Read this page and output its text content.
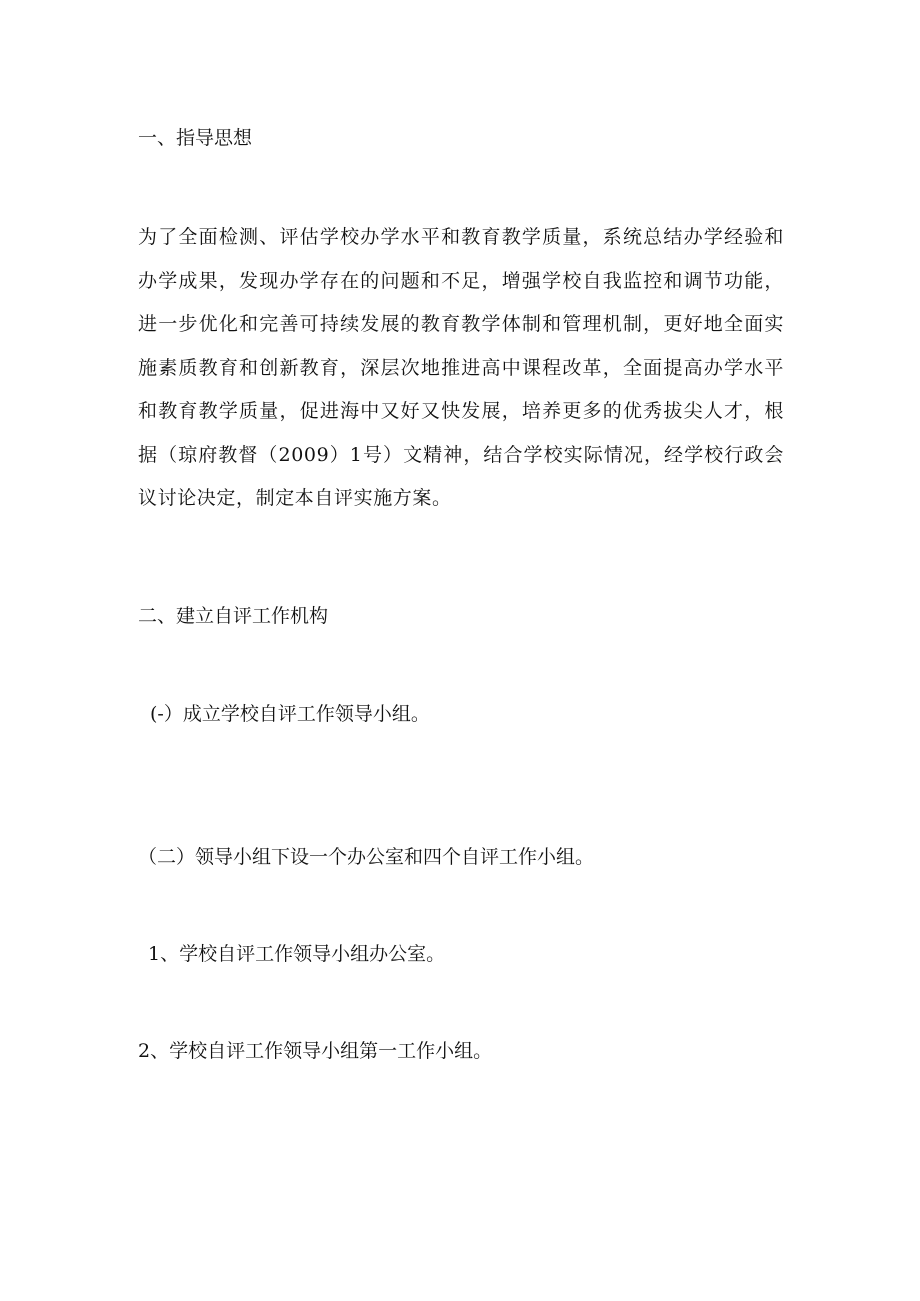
一、指导思想

为了全面检测、评估学校办学水平和教育教学质量，系统总结办学经验和办学成果，发现办学存在的问题和不足，增强学校自我监控和调节功能，进一步优化和完善可持续发展的教育教学体制和管理机制，更好地全面实施素质教育和创新教育，深层次地推进高中课程改革，全面提高办学水平和教育教学质量，促进海中又好又快发展，培养更多的优秀拔尖人才，根据（琼府教督（2009）1号）文精神，结合学校实际情况，经学校行政会议讨论决定，制定本自评实施方案。

二、建立自评工作机构

(-）成立学校自评工作领导小组。

（二）领导小组下设一个办公室和四个自评工作小组。

1、学校自评工作领导小组办公室。

2、学校自评工作领导小组第一工作小组。
